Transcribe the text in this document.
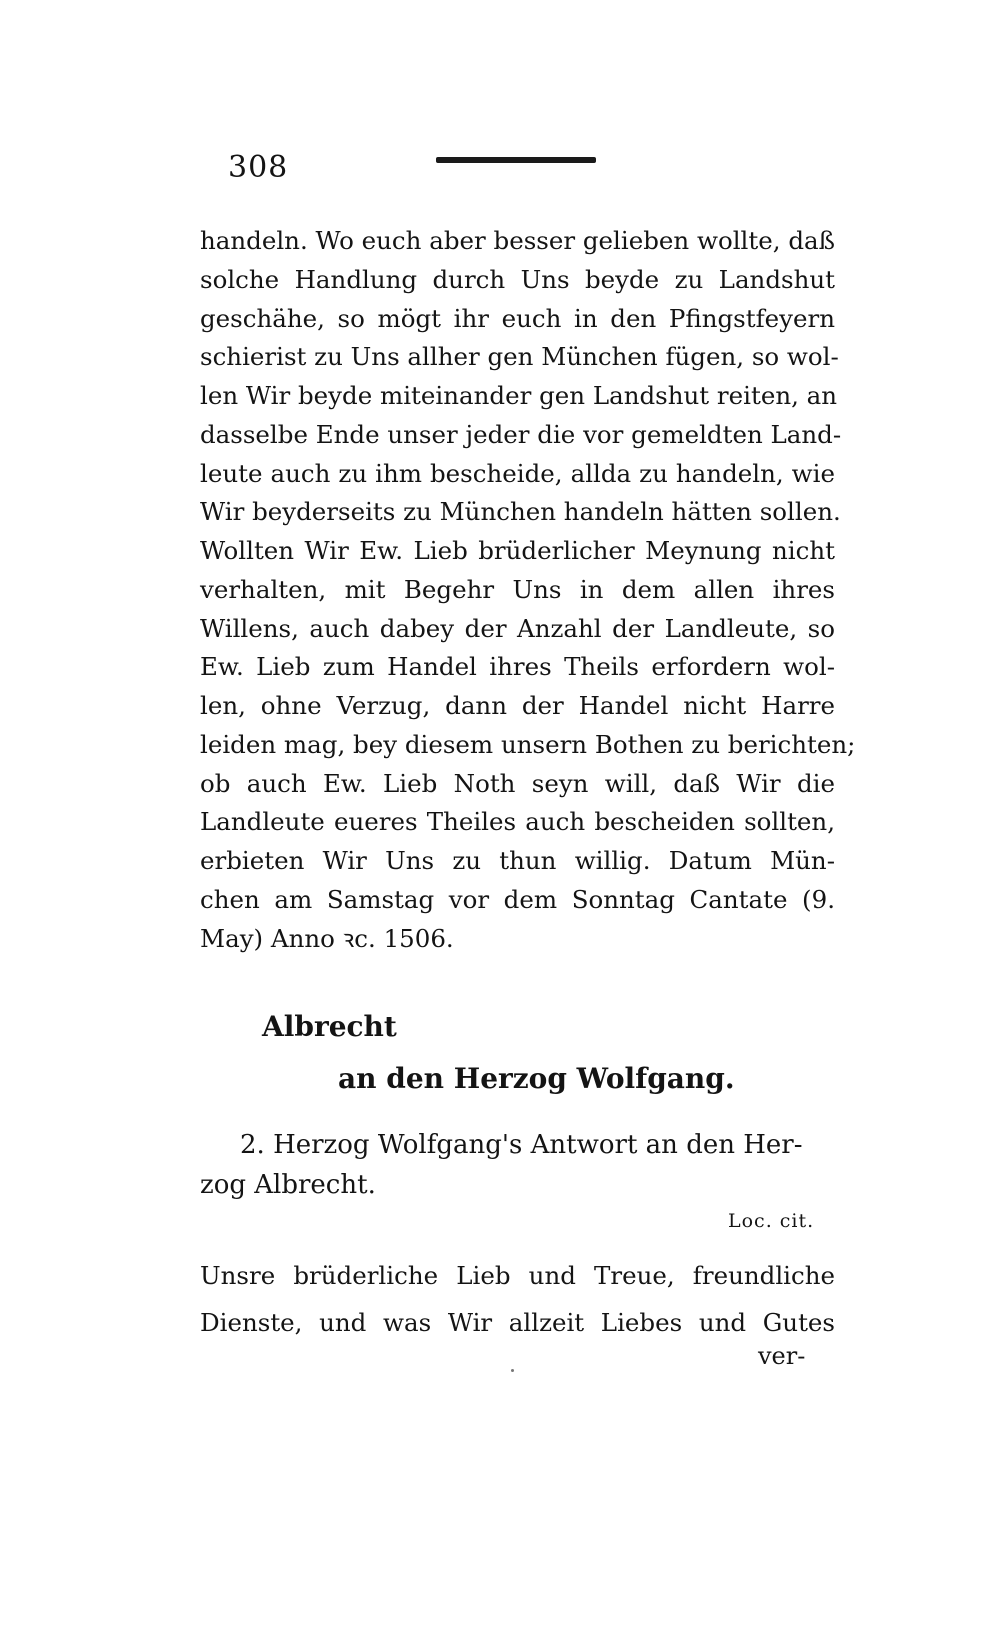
308
handeln. Wo euch aber besser gelieben wollte, daß
solche Handlung durch Uns beyde zu Landshut
geschähe, so mögt ihr euch in den Pfingstfeyern
schierist zu Uns allher gen München fügen, so wol-
len Wir beyde miteinander gen Landshut reiten, an
dasselbe Ende unser jeder die vor gemeldten Land-
leute auch zu ihm bescheide, allda zu handeln, wie
Wir beyderseits zu München handeln hätten sollen.
Wollten Wir Ew. Lieb brüderlicher Meynung nicht
verhalten, mit Begehr Uns in dem allen ihres
Willens, auch dabey der Anzahl der Landleute, so
Ew. Lieb zum Handel ihres Theils erfordern wol-
len, ohne Verzug, dann der Handel nicht Harre
leiden mag, bey diesem unsern Bothen zu berichten;
ob auch Ew. Lieb Noth seyn will, daß Wir die
Landleute eueres Theiles auch bescheiden sollten,
erbieten Wir Uns zu thun willig. Datum Mün-
chen am Samstag vor dem Sonntag Cantate (9.
May) Anno ꝛc. 1506.
Albrecht
an den Herzog Wolfgang.
2. Herzog Wolfgang's Antwort an den Her-
zog Albrecht.
Loc. cit.
Unsre brüderliche Lieb und Treue, freundliche
Dienste, und was Wir allzeit Liebes und Gutes
ver-
